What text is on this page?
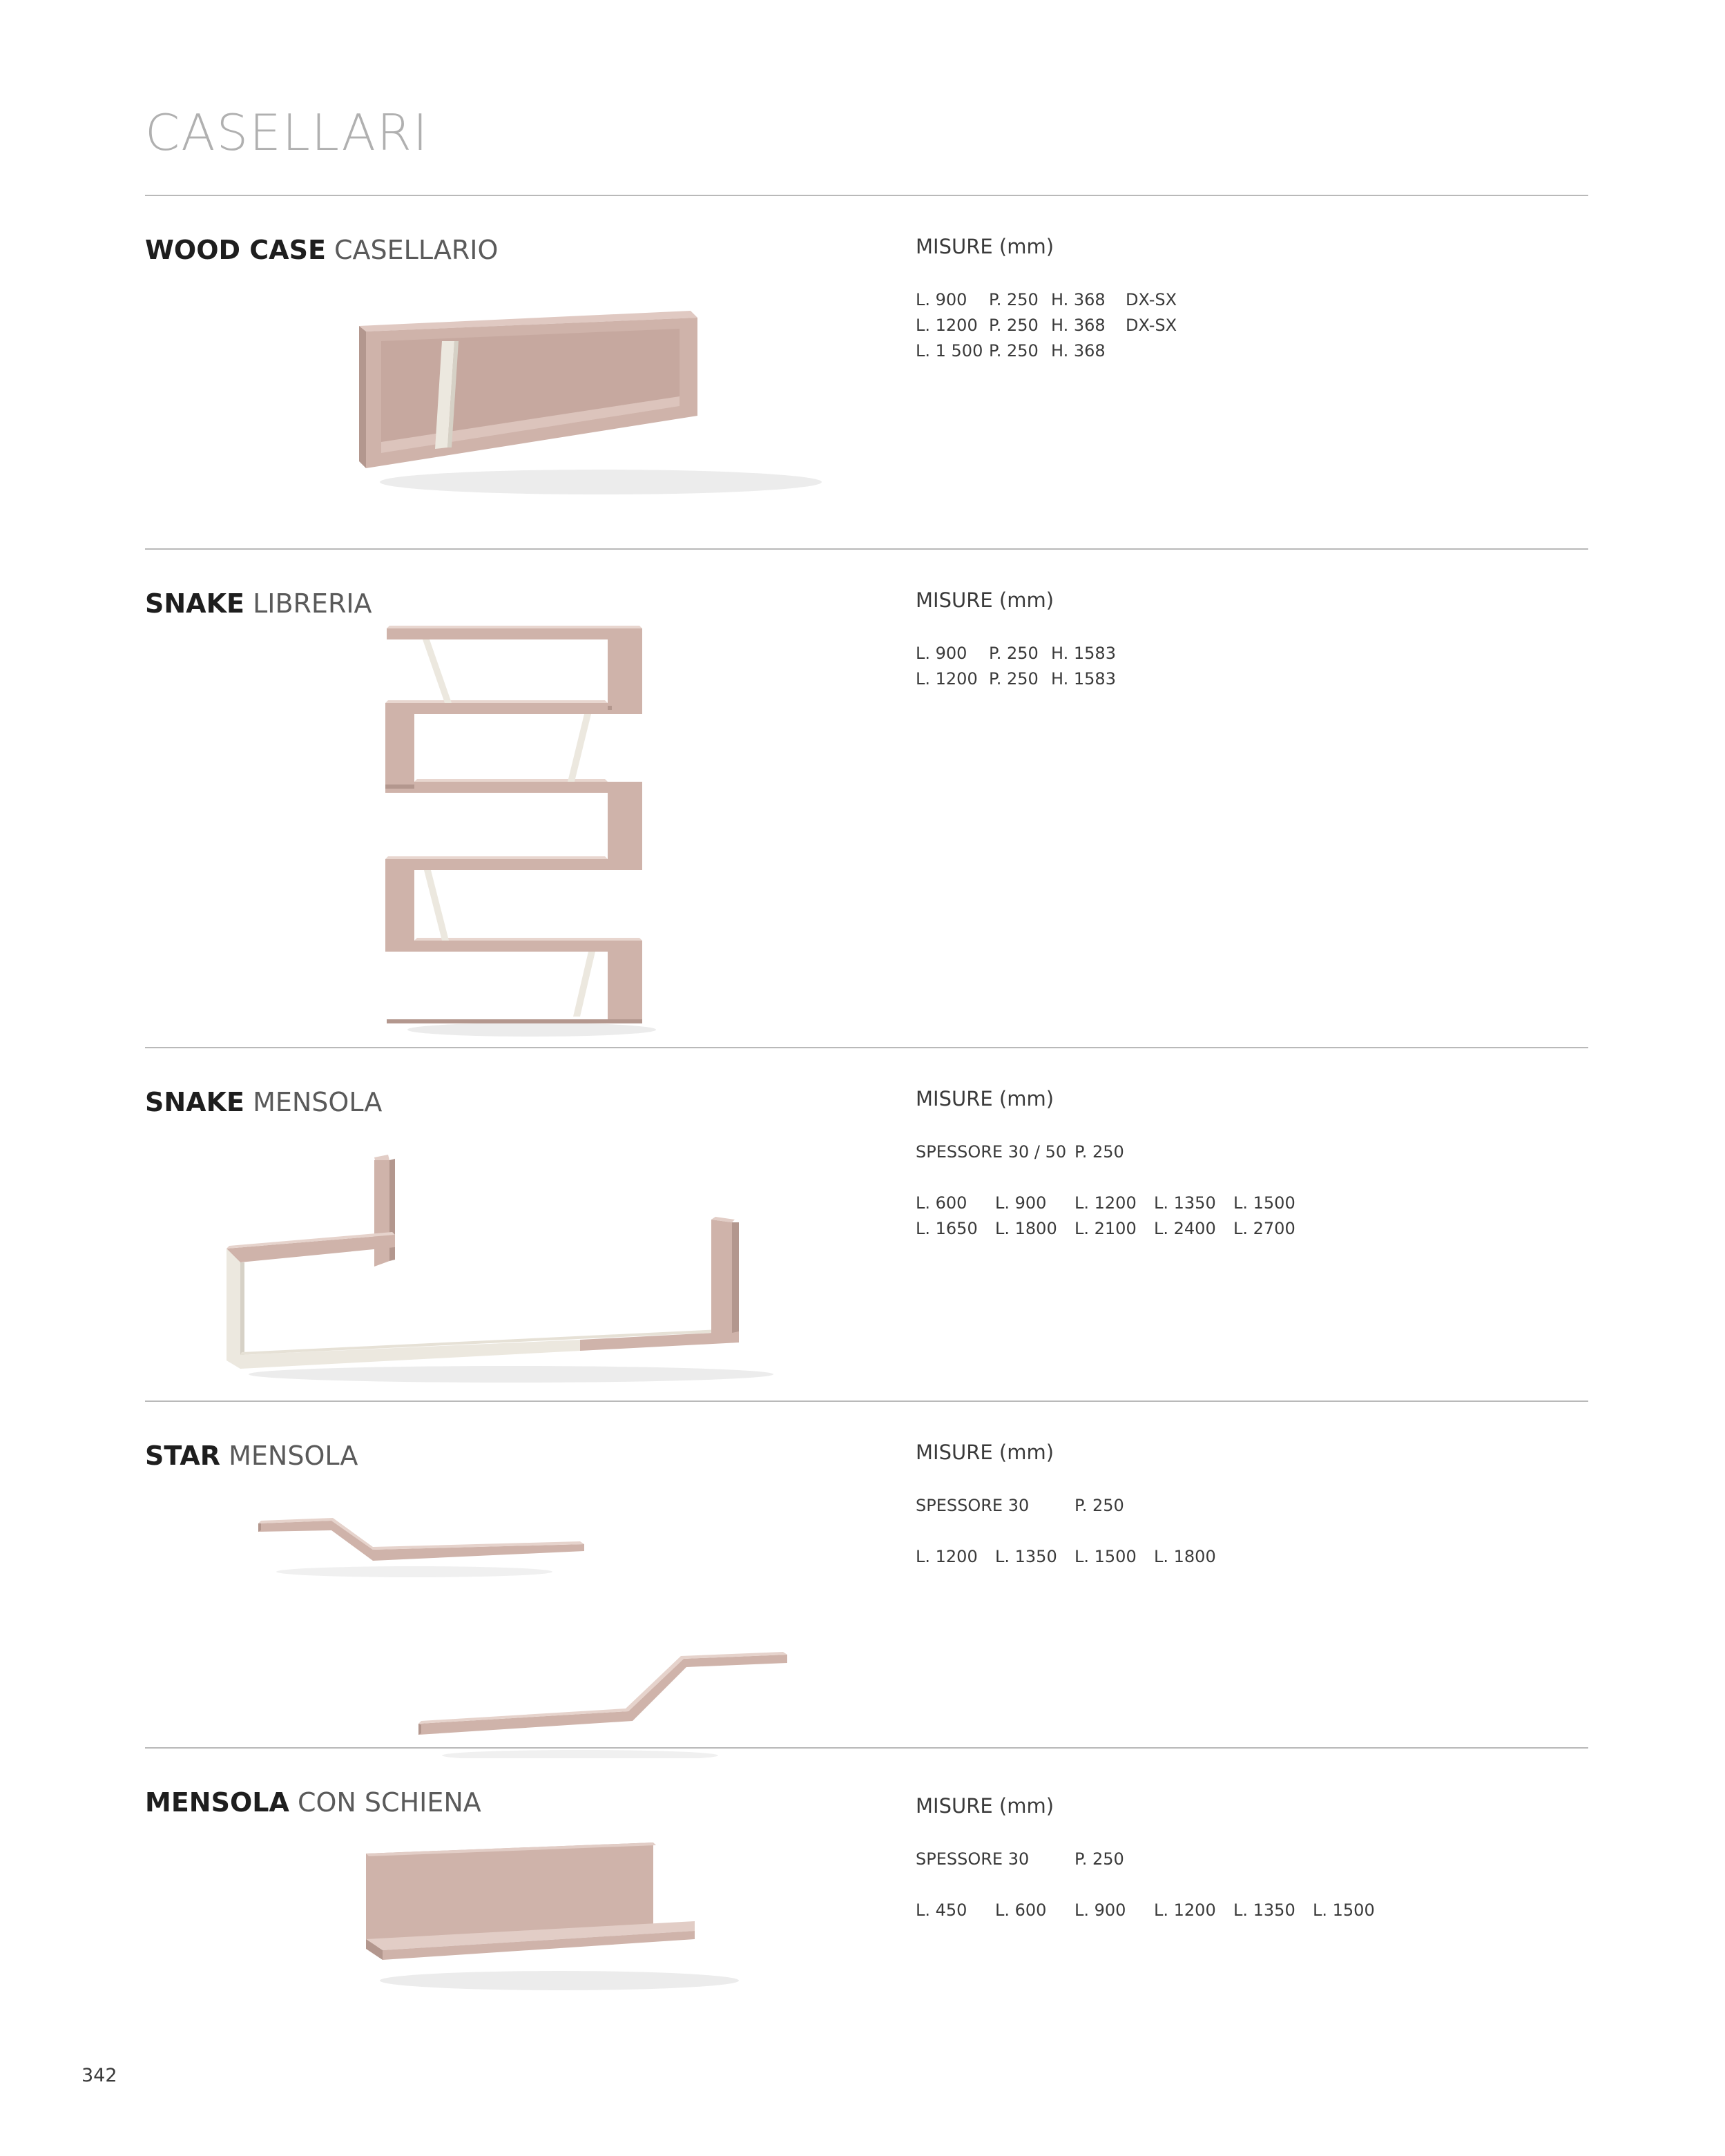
CASELLARI
WOOD CASE CASELLARIO	MISURE (mm)
L. 900 P. 250 H. 368 DX-SX
L. 1200 P. 250 H. 368 DX-SX
L. 1 500 P. 250 H. 368
SNAKE LIBRERIA	MISURE (mm)
L. 900 P. 250 H. 1583
L. 1200 P. 250 H. 1583
SNAKE MENSOLA	MISURE (mm)
SPESSORE 30 / 50 P. 250
L. 600 L. 900 L. 1200 L. 1350 L. 1500
L. 1650 L. 1800 L. 2100 L. 2400 L. 2700
STAR MENSOLA	MISURE (mm)
SPESSORE 30	P. 250
L. 1200 L. 1350 L. 1500 L. 1800
MENSOLA CON SCHIENA	MISURE (mm)
SPESSORE 30	P. 250
L. 450 L. 600 L. 900 L. 1200 L. 1350 L. 1500
342
